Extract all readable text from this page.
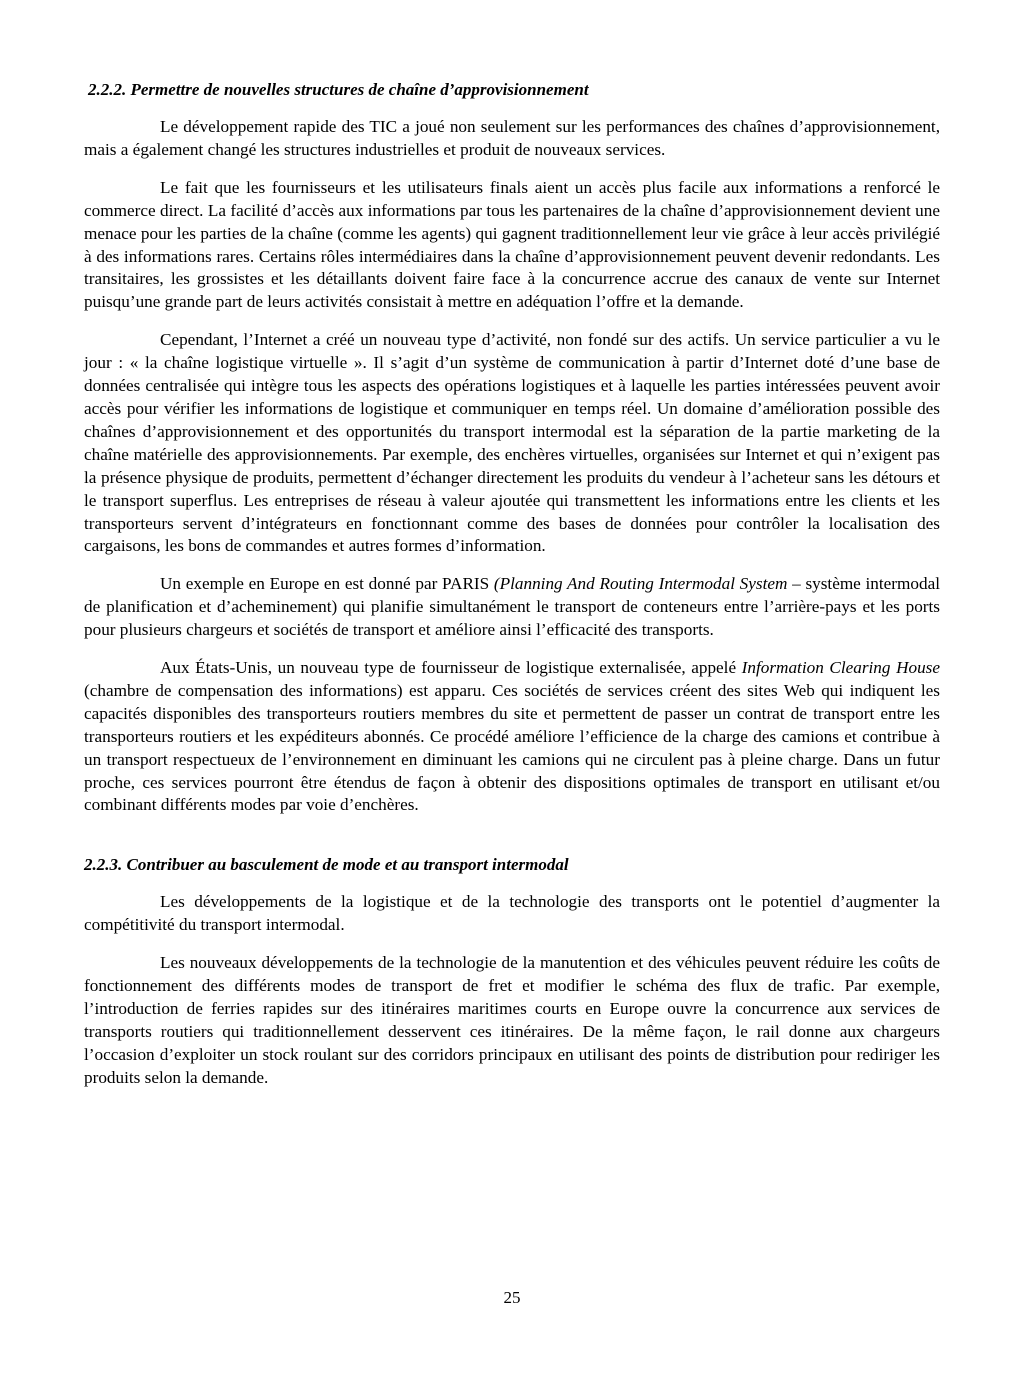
2.2.2. Permettre de nouvelles structures de chaîne d’approvisionnement

Le développement rapide des TIC a joué non seulement sur les performances des chaînes d’approvisionnement, mais a également changé les structures industrielles et produit de nouveaux services.

Le fait que les fournisseurs et les utilisateurs finals aient un accès plus facile aux informations a renforcé le commerce direct. La facilité d’accès aux informations par tous les partenaires de la chaîne d’approvisionnement devient une menace pour les parties de la chaîne (comme les agents) qui gagnent traditionnellement leur vie grâce à leur accès privilégié à des informations rares. Certains rôles intermédiaires dans la chaîne d’approvisionnement peuvent devenir redondants. Les transitaires, les grossistes et les détaillants doivent faire face à la concurrence accrue des canaux de vente sur Internet puisqu’une grande part de leurs activités consistait à mettre en adéquation l’offre et la demande.

Cependant, l’Internet a créé un nouveau type d’activité, non fondé sur des actifs. Un service particulier a vu le jour : « la chaîne logistique virtuelle ». Il s’agit d’un système de communication à partir d’Internet doté d’une base de données centralisée qui intègre tous les aspects des opérations logistiques et à laquelle les parties intéressées peuvent avoir accès pour vérifier les informations de logistique et communiquer en temps réel. Un domaine d’amélioration possible des chaînes d’approvisionnement et des opportunités du transport intermodal est la séparation de la partie marketing de la chaîne matérielle des approvisionnements. Par exemple, des enchères virtuelles, organisées sur Internet et qui n’exigent pas la présence physique de produits, permettent d’échanger directement les produits du vendeur à l’acheteur sans les détours et le transport superflus. Les entreprises de réseau à valeur ajoutée qui transmettent les informations entre les clients et les transporteurs servent d’intégrateurs en fonctionnant comme des bases de données pour contrôler la localisation des cargaisons, les bons de commandes et autres formes d’information.

Un exemple en Europe en est donné par PARIS (Planning And Routing Intermodal System – système intermodal de planification et d’acheminement) qui planifie simultanément le transport de conteneurs entre l’arrière-pays et les ports pour plusieurs chargeurs et sociétés de transport et améliore ainsi l’efficacité des transports.

Aux États-Unis, un nouveau type de fournisseur de logistique externalisée, appelé Information Clearing House (chambre de compensation des informations) est apparu. Ces sociétés de services créent des sites Web qui indiquent les capacités disponibles des transporteurs routiers membres du site et permettent de passer un contrat de transport entre les transporteurs routiers et les expéditeurs abonnés. Ce procédé améliore l’efficience de la charge des camions et contribue à un transport respectueux de l’environnement en diminuant les camions qui ne circulent pas à pleine charge. Dans un futur proche, ces services pourront être étendus de façon à obtenir des dispositions optimales de transport en utilisant et/ou combinant différents modes par voie d’enchères.

2.2.3. Contribuer au basculement de mode et au transport intermodal

Les développements de la logistique et de la technologie des transports ont le potentiel d’augmenter la compétitivité du transport intermodal.

Les nouveaux développements de la technologie de la manutention et des véhicules peuvent réduire les coûts de fonctionnement des différents modes de transport de fret et modifier le schéma des flux de trafic. Par exemple, l’introduction de ferries rapides sur des itinéraires maritimes courts en Europe ouvre la concurrence aux services de transports routiers qui traditionnellement desservent ces itinéraires. De la même façon, le rail donne aux chargeurs l’occasion d’exploiter un stock roulant sur des corridors principaux en utilisant des points de distribution pour rediriger les produits selon la demande.

25
